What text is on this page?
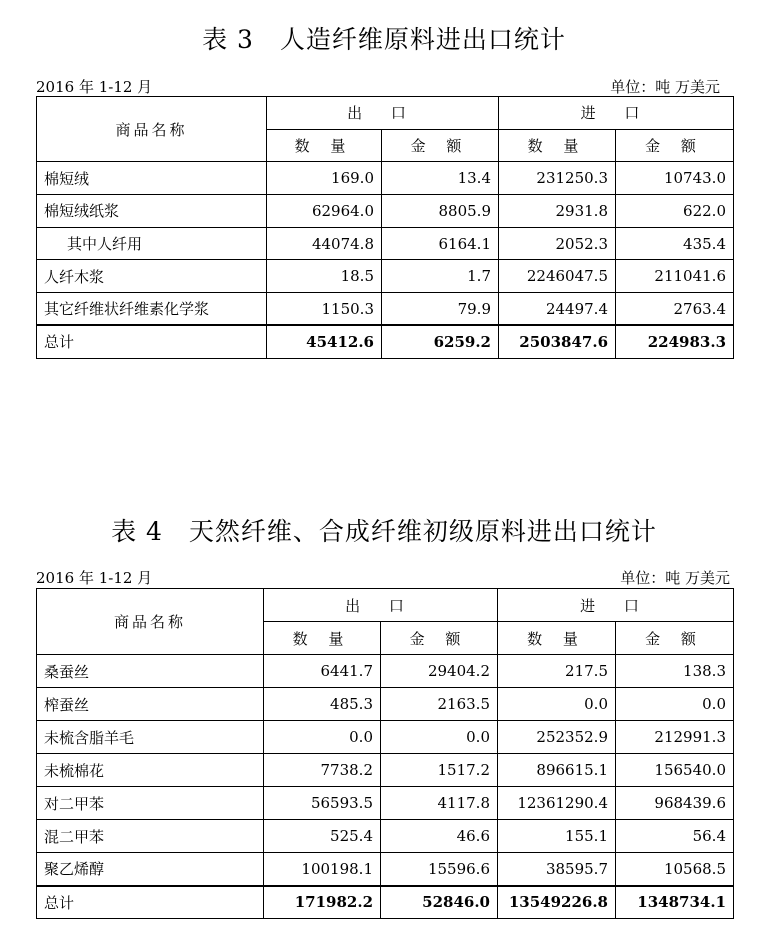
表 3　人造纤维原料进出口统计
2016 年 1-12 月	单位：吨 万美元
商品名称	出 口		进 口	
	数 量	金 额	数 量	金 额
棉短绒	169.0	13.4	231250.3	10743.0
棉短绒纸浆	62964.0	8805.9	2931.8	622.0
其中人纤用	44074.8	6164.1	2052.3	435.4
人纤木浆	18.5	1.7	2246047.5	211041.6
其它纤维状纤维素化学浆	1150.3	79.9	24497.4	2763.4
总计	45412.6	6259.2	2503847.6	224983.3
表 4　天然纤维、合成纤维初级原料进出口统计
2016 年 1-12 月	单位：吨 万美元
商品名称	出 口		进 口	
	数 量	金 额	数 量	金 额
桑蚕丝	6441.7	29404.2	217.5	138.3
榨蚕丝	485.3	2163.5	0.0	0.0
未梳含脂羊毛	0.0	0.0	252352.9	212991.3
未梳棉花	7738.2	1517.2	896615.1	156540.0
对二甲苯	56593.5	4117.8	12361290.4	968439.6
混二甲苯	525.4	46.6	155.1	56.4
聚乙烯醇	100198.1	15596.6	38595.7	10568.5
总计	171982.2	52846.0	13549226.8	1348734.1
